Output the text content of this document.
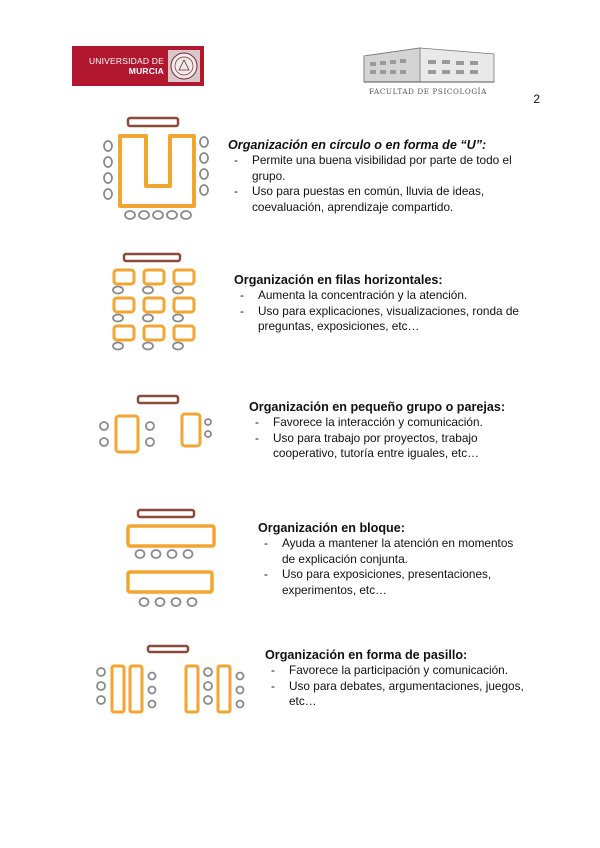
UNIVERSIDAD DE
MURCIA
FACULTAD DE PSICOLOGÍA
2
Organización en círculo o en forma de “U”:
- Permite una buena visibilidad por parte de todo el grupo.
- Uso para puestas en común, lluvia de ideas, coevaluación, aprendizaje compartido.
Organización en filas horizontales:
- Aumenta la concentración y la atención.
- Uso para explicaciones, visualizaciones, ronda de preguntas, exposiciones, etc…
Organización en pequeño grupo o parejas:
- Favorece la interacción y comunicación.
- Uso para trabajo por proyectos, trabajo cooperativo, tutoría entre iguales, etc…
Organización en bloque:
- Ayuda a mantener la atención en momentos de explicación conjunta.
- Uso para exposiciones, presentaciones, experimentos, etc…
Organización en forma de pasillo:
- Favorece la participación y comunicación.
- Uso para debates, argumentaciones, juegos, etc…
